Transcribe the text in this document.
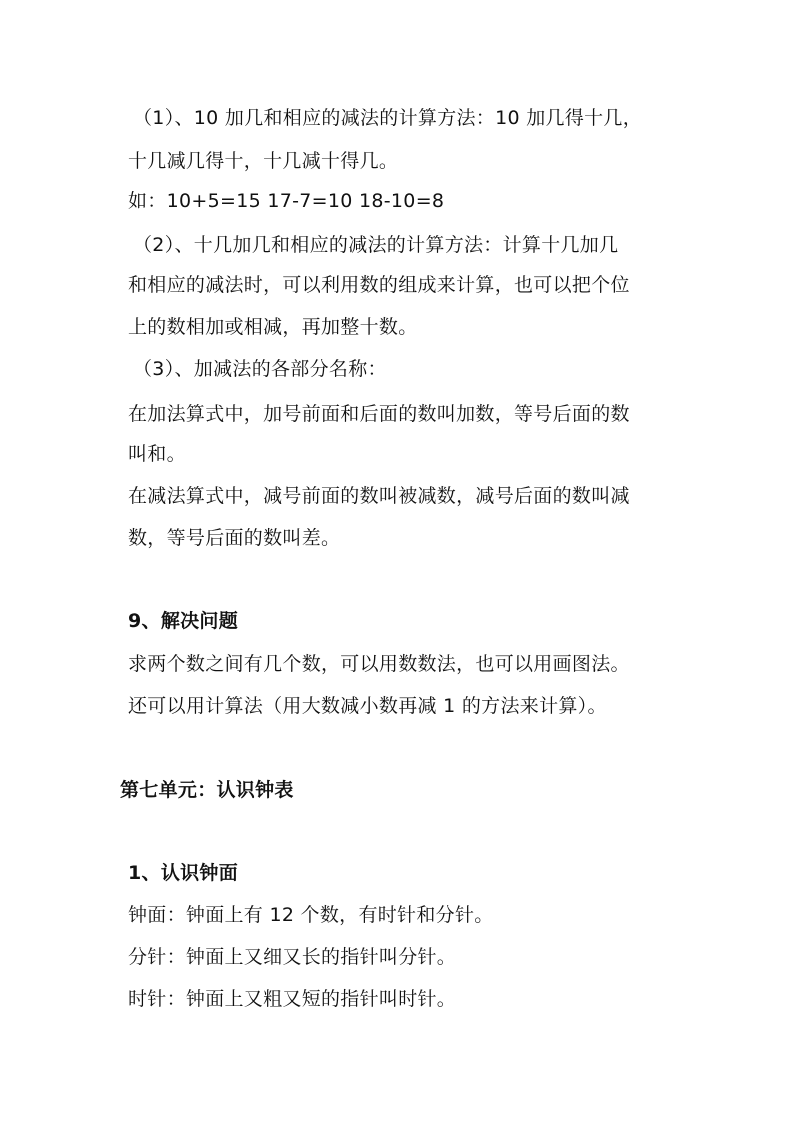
（1）、10 加几和相应的减法的计算方法：10 加几得十几，
十几减几得十，十几减十得几。
如：10+5=15 17-7=10 18-10=8
（2）、十几加几和相应的减法的计算方法：计算十几加几
和相应的减法时，可以利用数的组成来计算，也可以把个位
上的数相加或相减，再加整十数。
（3）、加减法的各部分名称：
在加法算式中，加号前面和后面的数叫加数，等号后面的数
叫和。
在减法算式中，减号前面的数叫被减数，减号后面的数叫减
数，等号后面的数叫差。
9、解决问题
求两个数之间有几个数，可以用数数法，也可以用画图法。
还可以用计算法（用大数减小数再减 1 的方法来计算）。
第七单元：认识钟表
1、认识钟面
钟面：钟面上有 12 个数，有时针和分针。
分针：钟面上又细又长的指针叫分针。
时针：钟面上又粗又短的指针叫时针。
